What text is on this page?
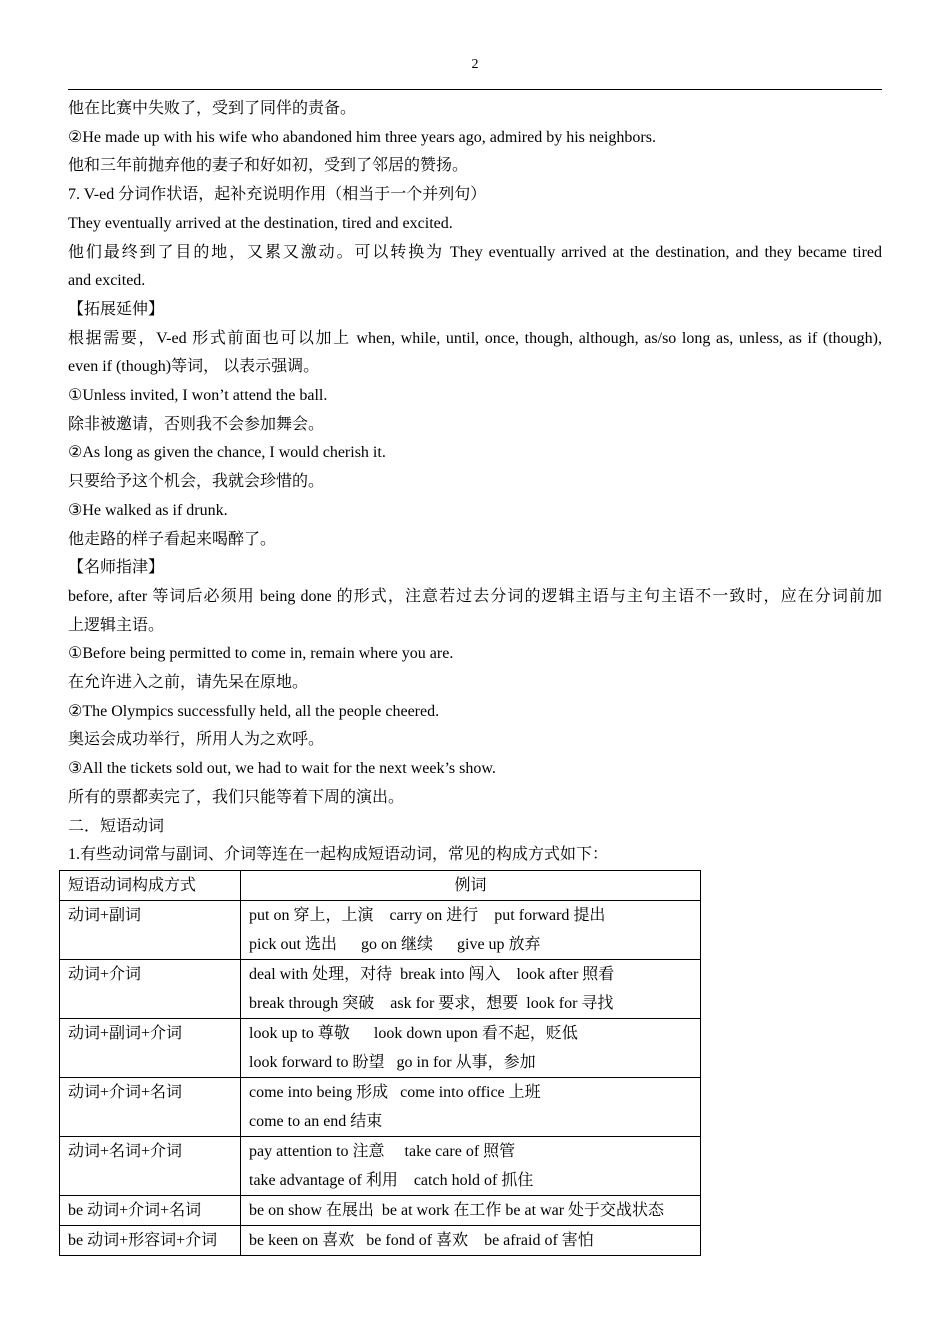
2
他在比赛中失败了，受到了同伴的责备。
②He made up with his wife who abandoned him three years ago, admired by his neighbors.
他和三年前抛弃他的妻子和好如初，受到了邻居的赞扬。
7. V-ed 分词作状语，起补充说明作用（相当于一个并列句）
They eventually arrived at the destination, tired and excited.
他们最终到了目的地，又累又激动。可以转换为 They eventually arrived at the destination, and they became tired
and excited.
【拓展延伸】
根据需要，V-ed 形式前面也可以加上 when, while, until, once, though, although, as/so long as, unless, as if (though),
even if (though)等词， 以表示强调。
①Unless invited, I won’t attend the ball.
除非被邀请，否则我不会参加舞会。
②As long as given the chance, I would cherish it.
只要给予这个机会，我就会珍惜的。
③He walked as if drunk.
他走路的样子看起来喝醉了。
【名师指津】
before, after 等词后必须用 being done 的形式，注意若过去分词的逻辑主语与主句主语不一致时，应在分词前加
上逻辑主语。
①Before being permitted to come in, remain where you are.
在允许进入之前，请先呆在原地。
②The Olympics successfully held, all the people cheered.
奥运会成功举行，所用人为之欢呼。
③All the tickets sold out, we had to wait for the next week’s show.
所有的票都卖完了，我们只能等着下周的演出。
二．短语动词
1.有些动词常与副词、介词等连在一起构成短语动词，常见的构成方式如下：
短语动词构成方式	例词
动词+副词	put on 穿上，上演    carry on 进行    put forward 提出
pick out 选出      go on 继续      give up 放弃

动词+介词	deal with 处理，对待  break into 闯入    look after 照看
break through 突破    ask for 要求，想要  look for 寻找

动词+副词+介词	look up to 尊敬      look down upon 看不起，贬低
look forward to 盼望   go in for 从事，参加

动词+介词+名词	come into being 形成   come into office 上班
come to an end 结束

动词+名词+介词	pay attention to 注意     take care of 照管
take advantage of 利用    catch hold of 抓住

be 动词+介词+名词	be on show 在展出  be at work 在工作 be at war 处于交战状态

be 动词+形容词+介词	be keen on 喜欢   be fond of 喜欢    be afraid of 害怕
